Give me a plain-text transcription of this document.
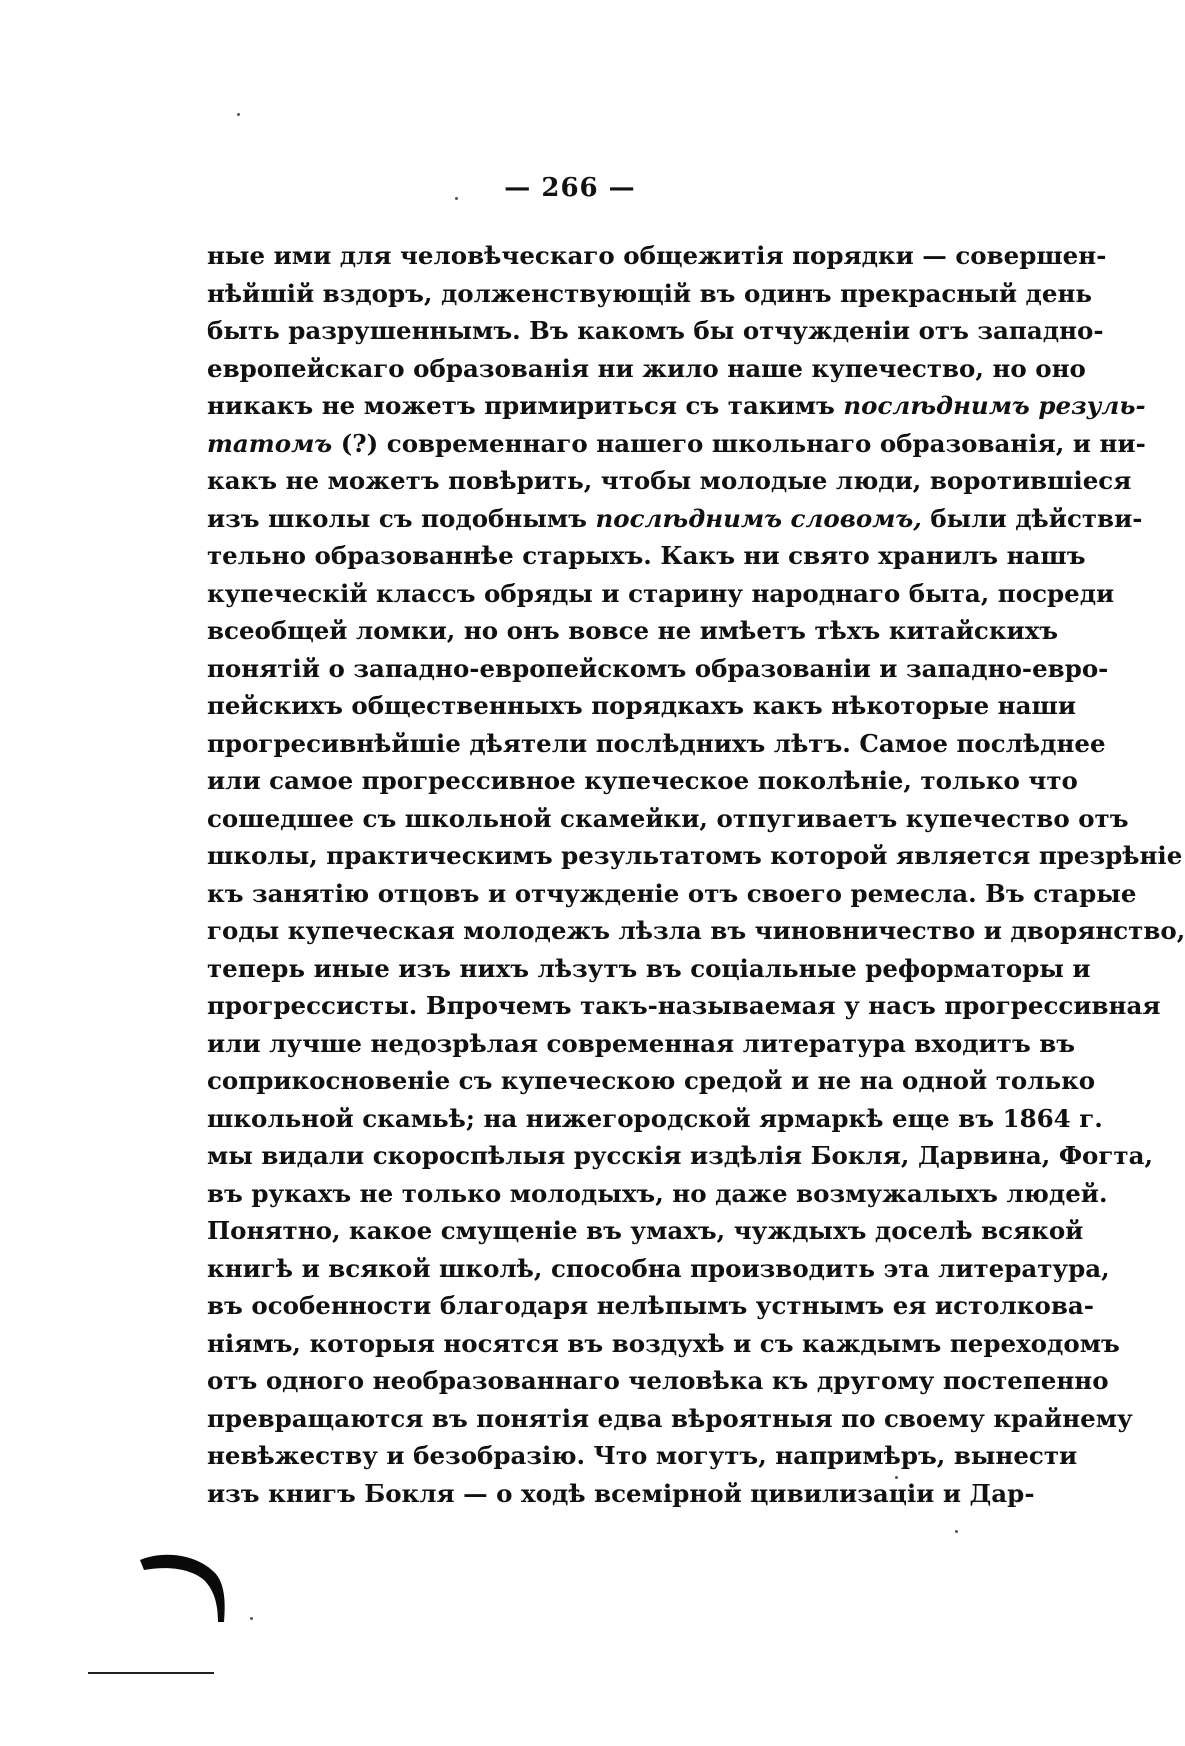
— 266 —
ные ими для человѣческаго общежитія порядки — совершен-
нѣйшій вздоръ, долженствующій въ одинъ прекрасный день
быть разрушеннымъ. Въ какомъ бы отчужденіи отъ западно-
европейскаго образованія ни жило наше купечество, но оно
никакъ не можетъ примириться съ такимъ послѣднимъ резуль-
татомъ (?) современнаго нашего школьнаго образованія, и ни-
какъ не можетъ повѣрить, чтобы молодые люди, воротившіеся
изъ школы съ подобнымъ послѣднимъ словомъ, были дѣйстви-
тельно образованнѣе старыхъ. Какъ ни свято хранилъ нашъ
купеческій классъ обряды и старину народнаго быта, посреди
всеобщей ломки, но онъ вовсе не имѣетъ тѣхъ китайскихъ
понятій о западно-европейскомъ образованіи и западно-евро-
пейскихъ общественныхъ порядкахъ какъ нѣкоторые наши
прогресивнѣйшіе дѣятели послѣднихъ лѣтъ. Самое послѣднее
или самое прогрессивное купеческое поколѣніе, только что
сошедшее съ школьной скамейки, отпугиваетъ купечество отъ
школы, практическимъ результатомъ которой является презрѣніе
къ занятію отцовъ и отчужденіе отъ своего ремесла. Въ старые
годы купеческая молодежъ лѣзла въ чиновничество и дворянство,
теперь иные изъ нихъ лѣзутъ въ соціальные реформаторы и
прогрессисты. Впрочемъ такъ-называемая у насъ прогрессивная
или лучше недозрѣлая современная литература входитъ въ
соприкосновеніе съ купеческою средой и не на одной только
школьной скамьѣ; на нижегородской ярмаркѣ еще въ 1864 г.
мы видали скороспѣлыя русскія издѣлія Бокля, Дарвина, Фогта,
въ рукахъ не только молодыхъ, но даже возмужалыхъ людей.
Понятно, какое смущеніе въ умахъ, чуждыхъ доселѣ всякой
книгѣ и всякой школѣ, способна производить эта литература,
въ особенности благодаря нелѣпымъ устнымъ ея истолкова-
ніямъ, которыя носятся въ воздухѣ и съ каждымъ переходомъ
отъ одного необразованнаго человѣка къ другому постепенно
превращаются въ понятія едва вѣроятныя по своему крайнему
невѣжеству и безобразію. Что могутъ, напримѣръ, вынести
изъ книгъ Бокля — о ходѣ всемірной цивилизаціи и Дар-
